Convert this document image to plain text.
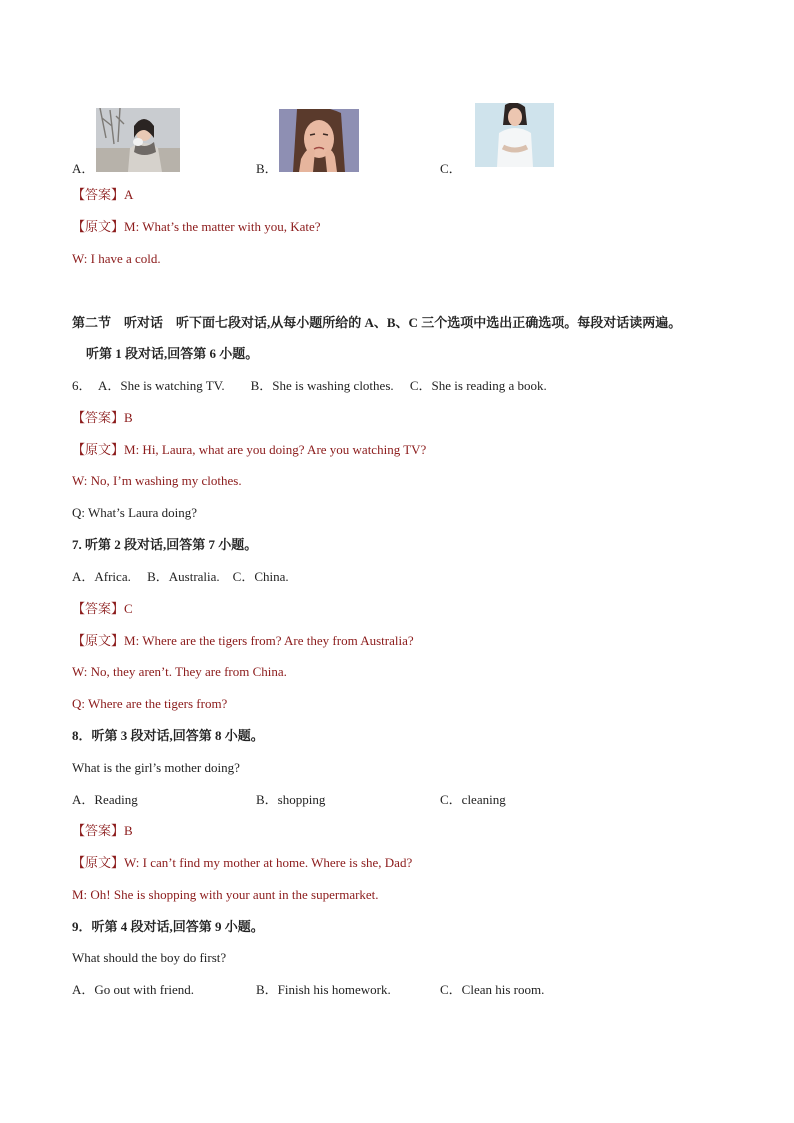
A．	B．	C．
【答案】A
【原文】M: What’s the matter with you, Kate?
W: I have a cold.
第二节　听对话　听下面七段对话,从每小题所给的 A、B、C 三个选项中选出正确选项。每段对话读两遍。
听第 1 段对话,回答第 6 小题。
6．　A．She is watching TV.　　B．She is washing clothes.　 C．She is reading a book.
【答案】B
【原文】M: Hi, Laura, what are you doing? Are you watching TV?
W: No, I’m washing my clothes.
Q: What’s Laura doing?
7. 听第 2 段对话,回答第 7 小题。
A．Africa.　 B．Australia.　C．China.
【答案】C
【原文】M: Where are the tigers from? Are they from Australia?
W: No, they aren’t. They are from China.
Q: Where are the tigers from?
8．听第 3 段对话,回答第 8 小题。
What is the girl’s mother doing?
A．Reading	B．shopping	C．cleaning
【答案】B
【原文】W: I can’t find my mother at home. Where is she, Dad?
M: Oh! She is shopping with your aunt in the supermarket.
9．听第 4 段对话,回答第 9 小题。
What should the boy do first?
A．Go out with friend.	B．Finish his homework.	C．Clean his room.
